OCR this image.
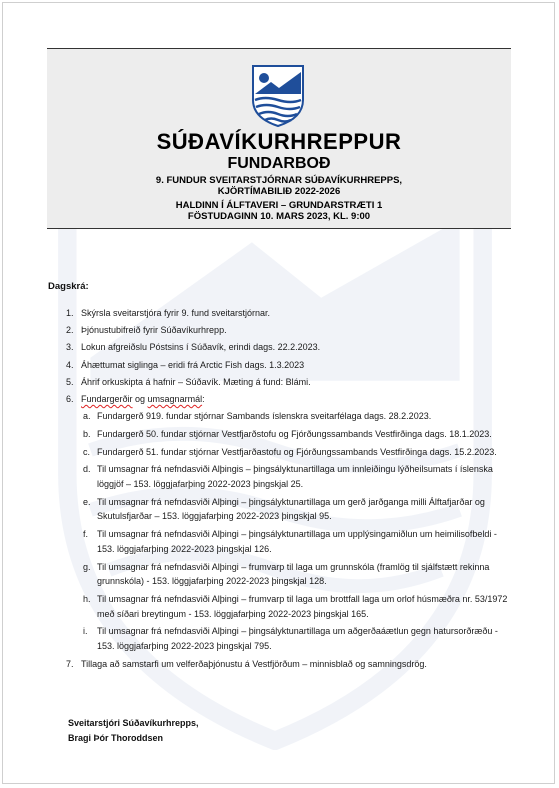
SÚÐAVÍKURHREPPUR
FUNDARBOÐ
9. FUNDUR SVEITARSTJÓRNAR SÚÐAVÍKURHREPPS,
KJÖRTÍMABILIÐ 2022-2026
HALDINN Í ÁLFTAVERI – GRUNDARSTRÆTI 1
FÖSTUDAGINN 10. MARS 2023, KL. 9:00
Dagskrá:
1. Skýrsla sveitarstjóra fyrir 9. fund sveitarstjórnar.
2. Þjónustubifreið fyrir Súðavíkurhrepp.
3. Lokun afgreiðslu Póstsins í Súðavík, erindi dags. 22.2.2023.
4. Áhættumat siglinga – eridi frá Arctic Fish dags. 1.3.2023
5. Áhrif orkuskipta á hafnir – Súðavík. Mæting á fund: Blámi.
6. Fundargerðir og umsagnarmál:
a. Fundargerð 919. fundar stjórnar Sambands íslenskra sveitarfélaga dags. 28.2.2023.
b. Fundargerð 50. fundar stjórnar Vestfjarðstofu og Fjórðungssambands Vestfirðinga dags. 18.1.2023.
c. Fundargerð 51. fundar stjórnar Vestfjarðastofu og Fjórðungssambands Vestfirðinga dags. 15.2.2023.
d. Til umsagnar frá nefndasviði Alþingis – þingsályktunartillaga um innleiðingu lýðheilsumats í íslenska löggjöf – 153. löggjafarþing 2022-2023 þingskjal 25.
e. Til umsagnar frá nefndasviði Alþingi – þingsályktunartillaga um gerð jarðganga milli Álftafjarðar og Skutulsfjarðar – 153. löggjafarþing 2022-2023 þingskjal 95.
f. Til umsagnar frá nefndasviði Alþingi – þingsályktunartillaga um upplýsingamiðlun um heimilisofbeldi - 153. löggjafarþing 2022-2023 þingskjal 126.
g. Til umsagnar frá nefndasviði Alþingi – frumvarp til laga um grunnskóla (framlög til sjálfstætt rekinna grunnskóla) - 153. löggjafarþing 2022-2023 þingskjal 128.
h. Til umsagnar frá nefndasviði Alþingi – frumvarp til laga um brottfall laga um orlof húsmæðra nr. 53/1972 með síðari breytingum - 153. löggjafarþing 2022-2023 þingskjal 165.
i. Til umsagnar frá nefndasviði Alþingi – þingsályktunartillaga um aðgerðaáætlun gegn hatursorðræðu - 153. löggjafarþing 2022-2023 þingskjal 795.
7. Tillaga að samstarfi um velferðaþjónustu á Vestfjörðum – minnisblað og samningsdrög.
Sveitarstjóri Súðavíkurhrepps,
Bragi Þór Thoroddsen
